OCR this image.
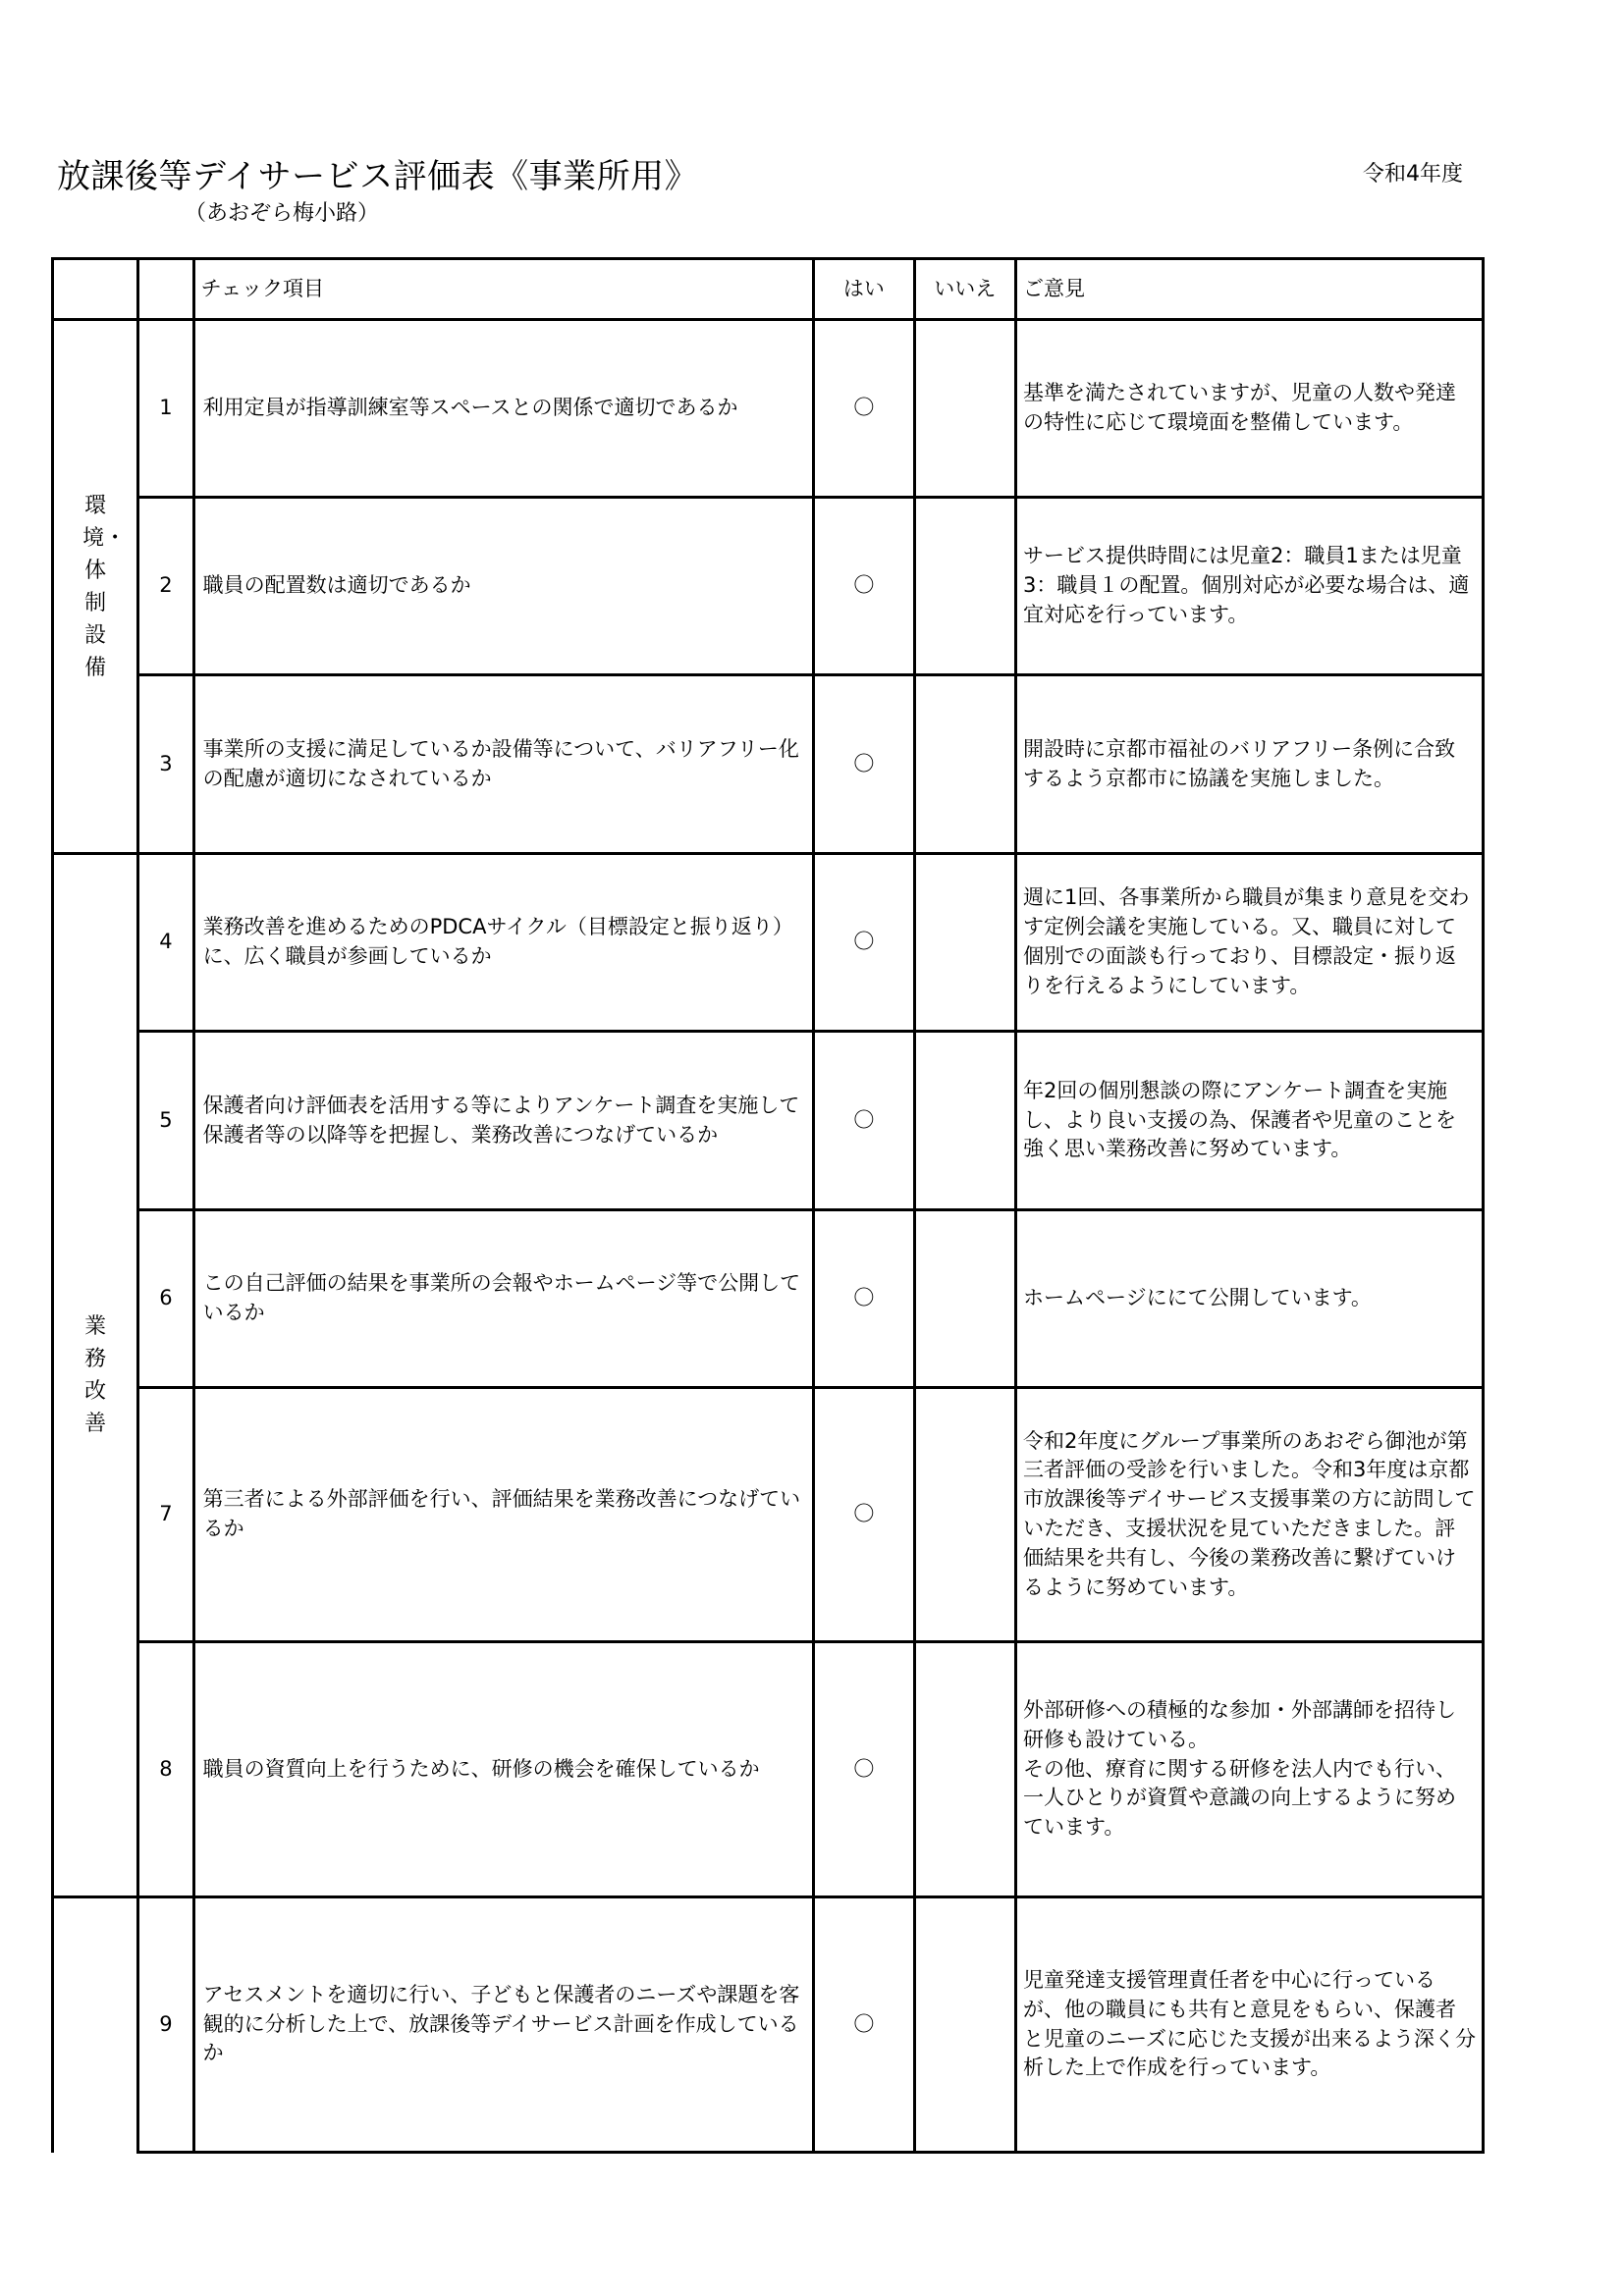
放課後等デイサービス評価表《事業所用》
（あおぞら梅小路）
令和4年度
		チェック項目	はい	いいえ	ご意見
環境・体制設備	1	利用定員が指導訓練室等スペースとの関係で適切であるか	〇		基準を満たされていますが、児童の人数や発達の特性に応じて環境面を整備しています。
	2	職員の配置数は適切であるか	〇		サービス提供時間には児童2：職員1または児童3：職員１の配置。個別対応が必要な場合は、適宜対応を行っています。
	3	事業所の支援に満足しているか設備等について、バリアフリー化の配慮が適切になされているか	〇		開設時に京都市福祉のバリアフリー条例に合致するよう京都市に協議を実施しました。
業務改善	4	業務改善を進めるためのPDCAサイクル（目標設定と振り返り）に、広く職員が参画しているか	〇		週に1回、各事業所から職員が集まり意見を交わす定例会議を実施している。又、職員に対して個別での面談も行っており、目標設定・振り返りを行えるようにしています。
	5	保護者向け評価表を活用する等によりアンケート調査を実施して保護者等の以降等を把握し、業務改善につなげているか	〇		年2回の個別懇談の際にアンケート調査を実施し、より良い支援の為、保護者や児童のことを強く思い業務改善に努めています。
	6	この自己評価の結果を事業所の会報やホームページ等で公開しているか	〇		ホームページににて公開しています。
	7	第三者による外部評価を行い、評価結果を業務改善につなげているか	〇		令和2年度にグループ事業所のあおぞら御池が第三者評価の受診を行いました。令和3年度は京都市放課後等デイサービス支援事業の方に訪問していただき、支援状況を見ていただきました。評価結果を共有し、今後の業務改善に繋げていけるように努めています。
	8	職員の資質向上を行うために、研修の機会を確保しているか	〇		外部研修への積極的な参加・外部講師を招待し研修も設けている。
その他、療育に関する研修を法人内でも行い、一人ひとりが資質や意識の向上するように努めています。
	9	アセスメントを適切に行い、子どもと保護者のニーズや課題を客観的に分析した上で、放課後等デイサービス計画を作成しているか	〇		児童発達支援管理責任者を中心に行っているが、他の職員にも共有と意見をもらい、保護者と児童のニーズに応じた支援が出来るよう深く分析した上で作成を行っています。
